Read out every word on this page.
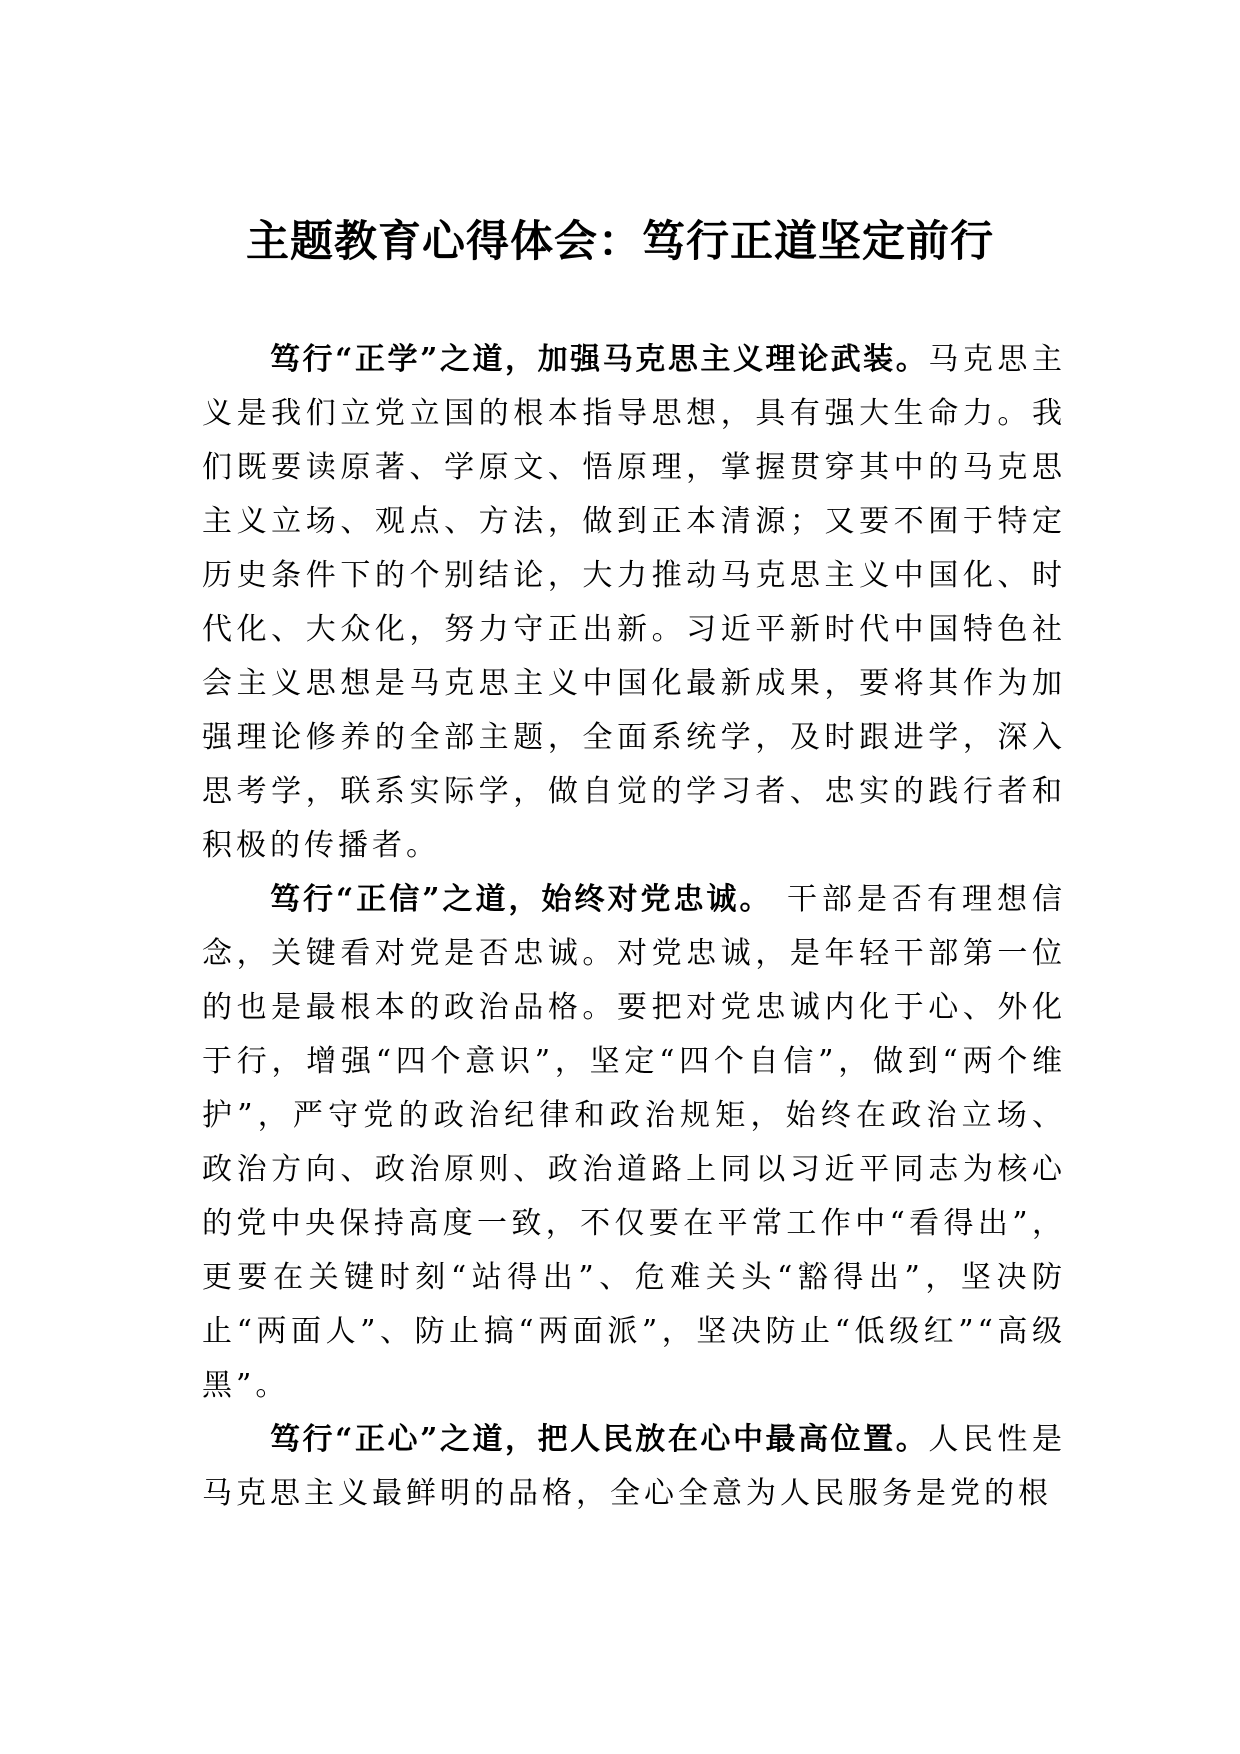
主题教育心得体会：笃行正道坚定前行

笃行“正学”之道，加强马克思主义理论武装。马克思主义是我们立党立国的根本指导思想，具有强大生命力。我们既要读原著、学原文、悟原理，掌握贯穿其中的马克思主义立场、观点、方法，做到正本清源；又要不囿于特定历史条件下的个别结论，大力推动马克思主义中国化、时代化、大众化，努力守正出新。习近平新时代中国特色社会主义思想是马克思主义中国化最新成果，要将其作为加强理论修养的全部主题，全面系统学，及时跟进学，深入思考学，联系实际学，做自觉的学习者、忠实的践行者和积极的传播者。

笃行“正信”之道，始终对党忠诚。 干部是否有理想信念，关键看对党是否忠诚。对党忠诚，是年轻干部第一位的也是最根本的政治品格。要把对党忠诚内化于心、外化于行，增强“四个意识”，坚定“四个自信”，做到“两个维护”，严守党的政治纪律和政治规矩，始终在政治立场、政治方向、政治原则、政治道路上同以习近平同志为核心的党中央保持高度一致，不仅要在平常工作中“看得出”，更要在关键时刻“站得出”、危难关头“豁得出”，坚决防止“两面人”、防止搞“两面派”，坚决防止“低级红”“高级黑”。

笃行“正心”之道，把人民放在心中最高位置。人民性是马克思主义最鲜明的品格，全心全意为人民服务是党的根
